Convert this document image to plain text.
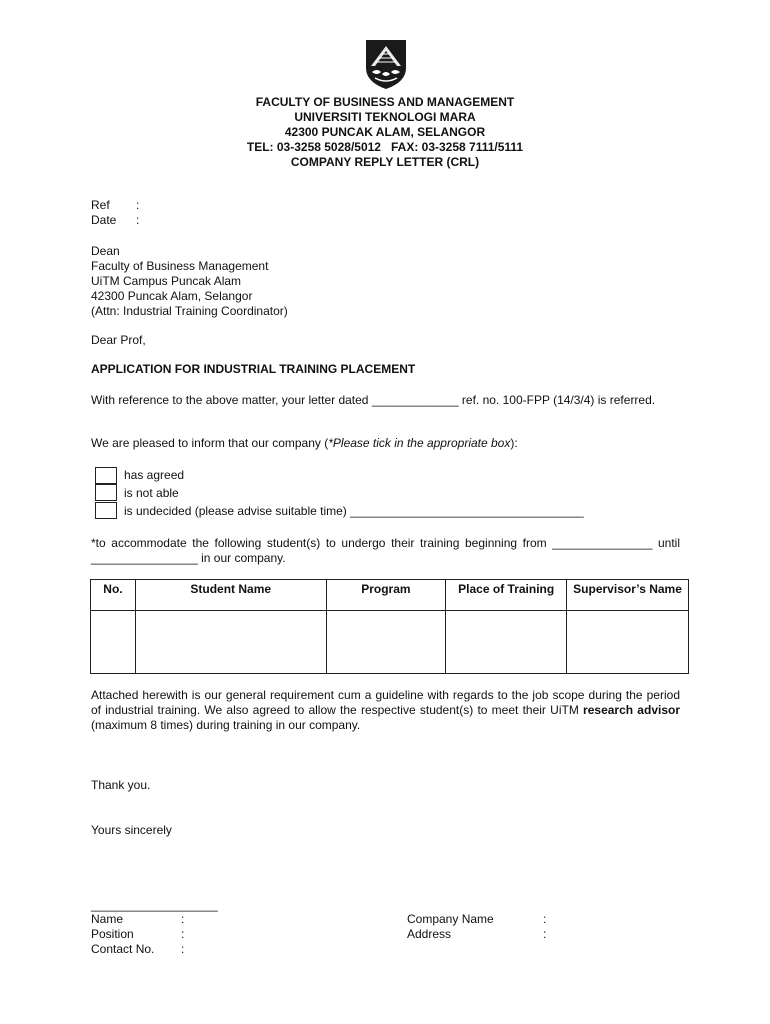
FACULTY OF BUSINESS AND MANAGEMENT
UNIVERSITI TEKNOLOGI MARA
42300 PUNCAK ALAM, SELANGOR
TEL: 03-3258 5028/5012   FAX: 03-3258 7111/5111
COMPANY REPLY LETTER (CRL)
Ref	:
Date	:
Dean
Faculty of Business Management
UiTM Campus Puncak Alam
42300 Puncak Alam, Selangor
(Attn: Industrial Training Coordinator)
Dear Prof,
APPLICATION FOR INDUSTRIAL TRAINING PLACEMENT
With reference to the above matter, your letter dated _____________ ref. no. 100-FPP (14/3/4) is referred.
We are pleased to inform that our company (*Please tick in the appropriate box):
has agreed
is not able
is undecided (please advise suitable time) ___________________________________
*to accommodate the following student(s) to undergo their training beginning from _______________ until ________________ in our company.
No.	Student Name	Program	Place of Training	Supervisor’s Name

Attached herewith is our general requirement cum a guideline with regards to the job scope during the period of industrial training. We also agreed to allow the respective student(s) to meet their UiTM research advisor (maximum 8 times) during training in our company.
Thank you.
Yours sincerely
___________________
Name	:
Position	:
Contact No.	:
Company Name	:
Address	:
